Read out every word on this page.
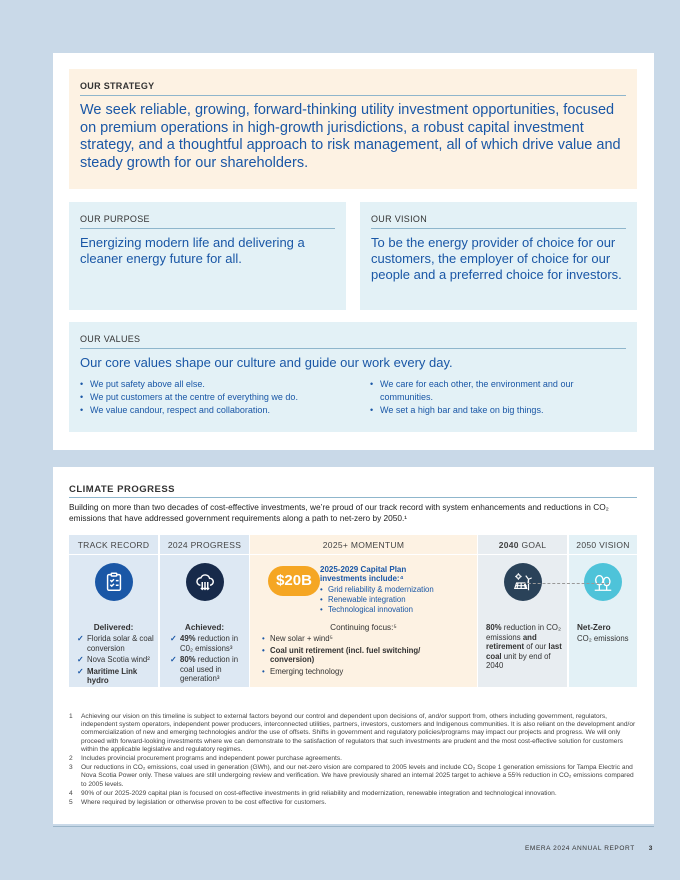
OUR STRATEGY
We seek reliable, growing, forward-thinking utility investment opportunities, focused on premium operations in high-growth jurisdictions, a robust capital investment strategy, and a thoughtful approach to risk management, all of which drive value and steady growth for our shareholders.
OUR PURPOSE
Energizing modern life and delivering a cleaner energy future for all.
OUR VISION
To be the energy provider of choice for our customers, the employer of choice for our people and a preferred choice for investors.
OUR VALUES
Our core values shape our culture and guide our work every day.
• We put safety above all else.
• We put customers at the centre of everything we do.
• We value candour, respect and collaboration.
• We care for each other, the environment and our communities.
• We set a high bar and take on big things.
CLIMATE PROGRESS
Building on more than two decades of cost-effective investments, we’re proud of our track record with system enhancements and reductions in CO₂ emissions that have addressed government requirements along a path to net-zero by 2050.¹
TRACK RECORD
Delivered:
✓ Florida solar & coal conversion
✓ Nova Scotia wind²
✓ Maritime Link hydro
2024 PROGRESS
Achieved:
✓ 49% reduction in C0₂ emissions³
✓ 80% reduction in coal used in generation³
2025+ MOMENTUM
$20B
2025-2029 Capital Plan investments include:⁴
• Grid reliability & modernization
• Renewable integration
• Technological innovation
Continuing focus:⁵
• New solar + wind⁵
• Coal unit retirement (incl. fuel switching/ conversion)
• Emerging technology
2040 GOAL
80% reduction in CO₂ emissions and retirement of our last coal unit by end of 2040
2050 VISION
Net-Zero
CO₂ emissions
1 Achieving our vision on this timeline is subject to external factors beyond our control and dependent upon decisions of, and/or support from, others including government, regulators, independent system operators, independent power producers, interconnected utilities, partners, investors, customers and Indigenous communities. It is also reliant on the development and/or commercialization of new and emerging technologies and/or the use of offsets. Shifts in government and regulatory policies/programs may impact our projects and progress. We will only proceed with forward-looking investments where we can demonstrate to the satisfaction of regulators that such investments are prudent and the most cost-effective solution for customers within the applicable legislative and regulatory regimes.
2 Includes provincial procurement programs and independent power purchase agreements.
3 Our reductions in CO₂ emissions, coal used in generation (GWh), and our net-zero vision are compared to 2005 levels and include CO₂ Scope 1 generation emissions for Tampa Electric and Nova Scotia Power only. These values are still undergoing review and verification. We have previously shared an internal 2025 target to achieve a 55% reduction in CO₂ emissions compared to 2005 levels.
4 90% of our 2025-2029 capital plan is focused on cost-effective investments in grid reliability and modernization, renewable integration and technological innovation.
5 Where required by legislation or otherwise proven to be cost effective for customers.
EMERA 2024 ANNUAL REPORT 3
